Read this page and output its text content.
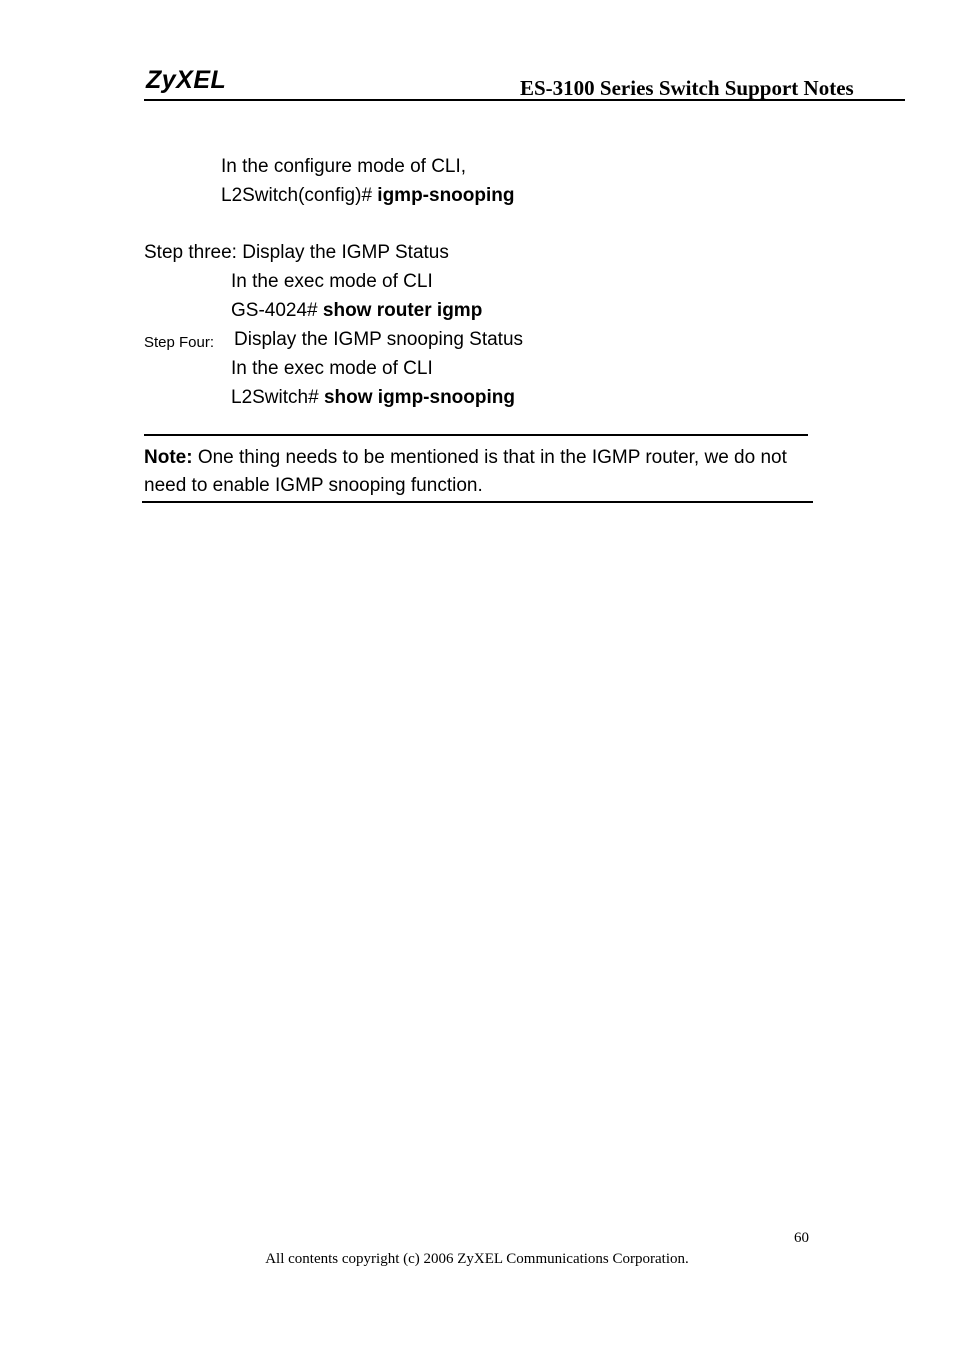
ZyXEL	ES-3100 Series Switch Support Notes
In the configure mode of CLI,
L2Switch(config)# igmp-snooping
Step three: Display the IGMP Status
In the exec mode of CLI
GS-4024# show router igmp
Step Four: Display the IGMP snooping Status
In the exec mode of CLI
L2Switch# show igmp-snooping
Note: One thing needs to be mentioned is that in the IGMP router, we do not need to enable IGMP snooping function.
60
All contents copyright (c) 2006 ZyXEL Communications Corporation.
